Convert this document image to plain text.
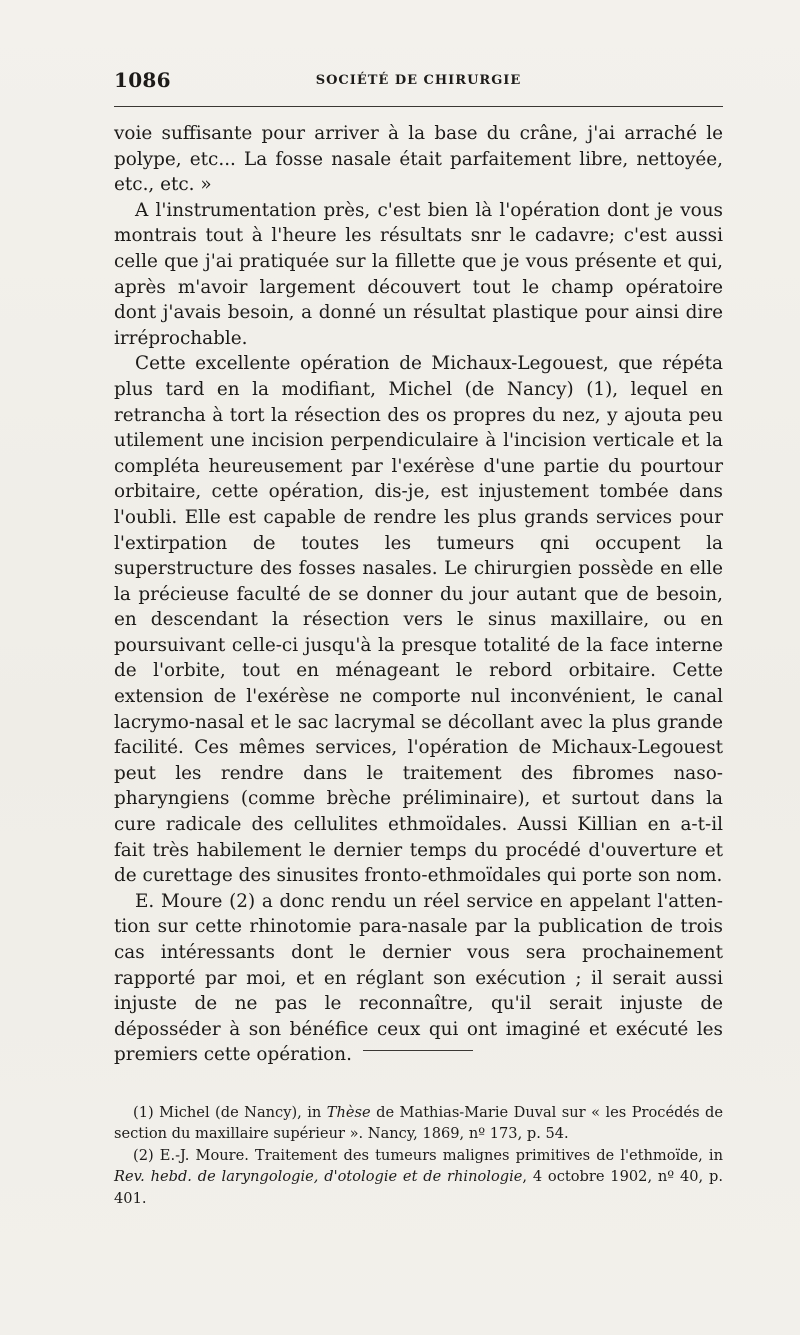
1086	SOCIÉTÉ DE CHIRURGIE

voie suffisante pour arriver à la base du crâne, j'ai arraché le polype, etc... La fosse nasale était parfaitement libre, nettoyée, etc., etc. »

A l'instrumentation près, c'est bien là l'opération dont je vous montrais tout à l'heure les résultats snr le cadavre; c'est aussi celle que j'ai pratiquée sur la fillette que je vous présente et qui, après m'avoir largement découvert tout le champ opératoire dont j'avais besoin, a donné un résultat plastique pour ainsi dire irréprochable.

Cette excellente opération de Michaux-Legouest, que répéta plus tard en la modifiant, Michel (de Nancy) (1), lequel en retrancha à tort la résection des os propres du nez, y ajouta peu utilement une incision perpendiculaire à l'incision verticale et la compléta heureusement par l'exérèse d'une partie du pourtour orbitaire, cette opération, dis-je, est injustement tombée dans l'oubli. Elle est capable de rendre les plus grands services pour l'extirpation de toutes les tumeurs qni occupent la superstructure des fosses nasales. Le chirurgien possède en elle la précieuse faculté de se donner du jour autant que de besoin, en descendant la résection vers le sinus maxillaire, ou en poursuivant celle-ci jusqu'à la presque totalité de la face interne de l'orbite, tout en ménageant le rebord orbitaire. Cette extension de l'exérèse ne comporte nul inconvénient, le canal lacrymo-nasal et le sac lacrymal se décollant avec la plus grande facilité. Ces mêmes services, l'opération de Michaux-Legouest peut les rendre dans le traitement des fibromes nasopharyngiens (comme brèche préliminaire), et surtout dans la cure radicale des cellulites ethmoïdales. Aussi Killian en a-t-il fait très habilement le dernier temps du procédé d'ouverture et de curettage des sinusites fronto-ethmoïdales qui porte son nom.

E. Moure (2) a donc rendu un réel service en appelant l'attention sur cette rhinotomie para-nasale par la publication de trois cas intéressants dont le dernier vous sera prochainement rapporté par moi, et en réglant son exécution ; il serait aussi injuste de ne pas le reconnaître, qu'il serait injuste de déposséder à son bénéfice ceux qui ont imaginé et exécuté les premiers cette opération.

(1) Michel (de Nancy), in Thèse de Mathias-Marie Duval sur « les Procédés de section du maxillaire supérieur ». Nancy, 1869, nº 173, p. 54.

(2) E.-J. Moure. Traitement des tumeurs malignes primitives de l'ethmoïde, in Rev. hebd. de laryngologie, d'otologie et de rhinologie, 4 octobre 1902, nº 40, p. 401.
